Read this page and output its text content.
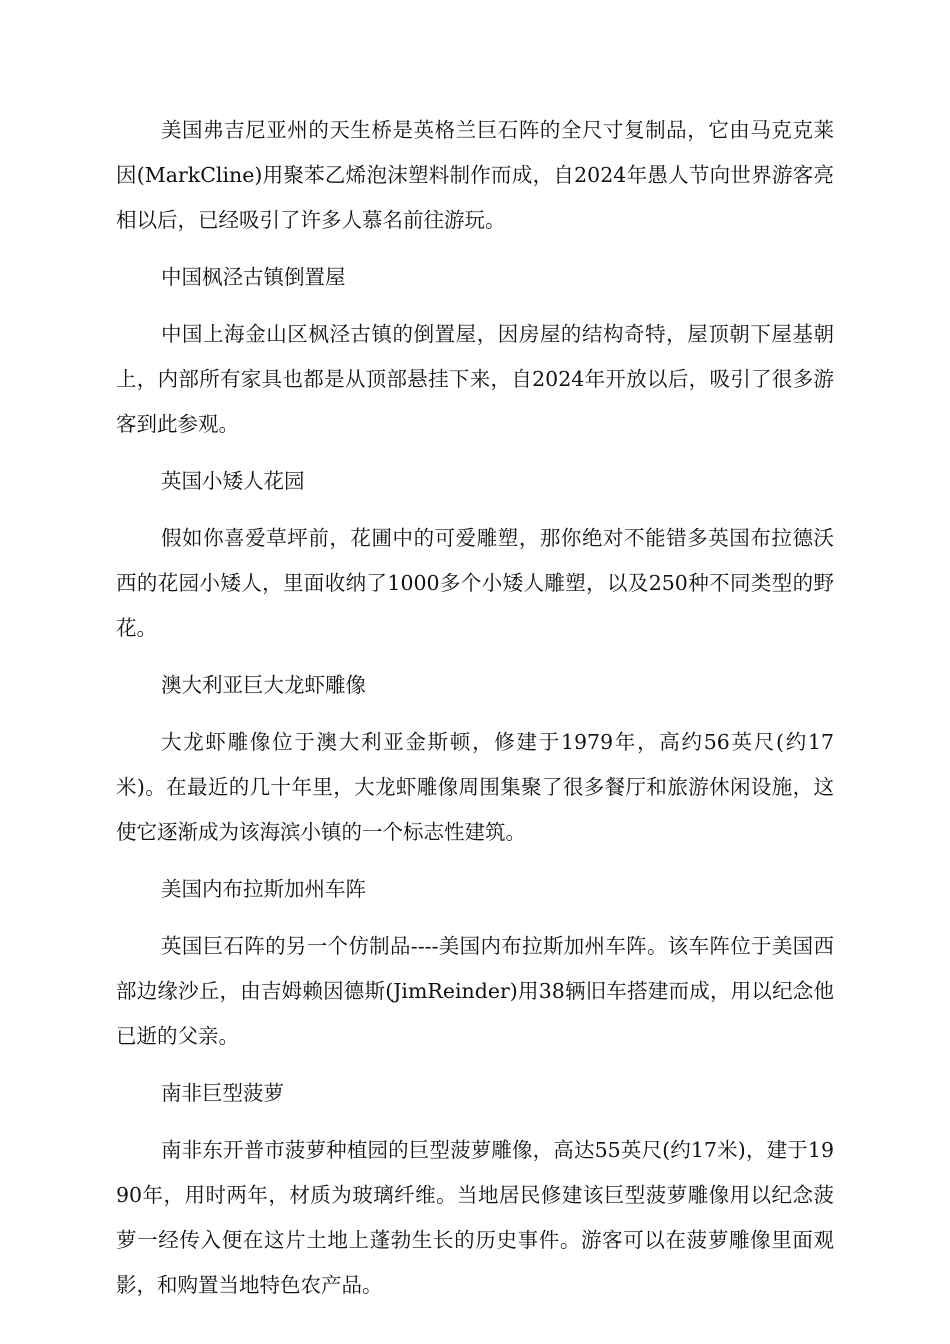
美国弗吉尼亚州的天生桥是英格兰巨石阵的全尺寸复制品，它由马克克莱因(MarkCline)用聚苯乙烯泡沫塑料制作而成，自2024年愚人节向世界游客亮相以后，已经吸引了许多人慕名前往游玩。

中国枫泾古镇倒置屋

中国上海金山区枫泾古镇的倒置屋，因房屋的结构奇特，屋顶朝下屋基朝上，内部所有家具也都是从顶部悬挂下来，自2024年开放以后，吸引了很多游客到此参观。

英国小矮人花园

假如你喜爱草坪前，花圃中的可爱雕塑，那你绝对不能错多英国布拉德沃西的花园小矮人，里面收纳了1000多个小矮人雕塑，以及250种不同类型的野花。

澳大利亚巨大龙虾雕像

大龙虾雕像位于澳大利亚金斯顿，修建于1979年，高约56英尺(约17米)。在最近的几十年里，大龙虾雕像周围集聚了很多餐厅和旅游休闲设施，这使它逐渐成为该海滨小镇的一个标志性建筑。

美国内布拉斯加州车阵

英国巨石阵的另一个仿制品----美国内布拉斯加州车阵。该车阵位于美国西部边缘沙丘，由吉姆赖因德斯(JimReinder)用38辆旧车搭建而成，用以纪念他已逝的父亲。

南非巨型菠萝

南非东开普市菠萝种植园的巨型菠萝雕像，高达55英尺(约17米)，建于1990年，用时两年，材质为玻璃纤维。当地居民修建该巨型菠萝雕像用以纪念菠萝一经传入便在这片土地上蓬勃生长的历史事件。游客可以在菠萝雕像里面观影，和购置当地特色农产品。
